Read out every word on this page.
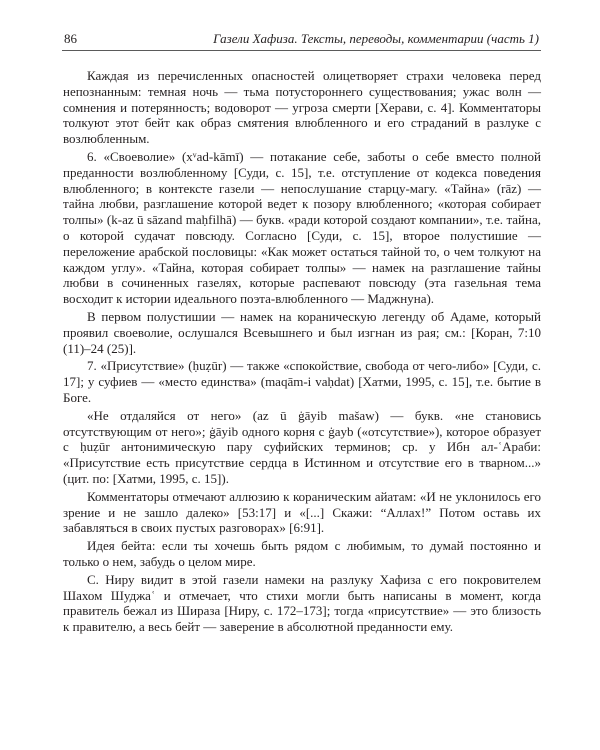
86	Газели Хафиза. Тексты, переводы, комментарии (часть 1)

Каждая из перечисленных опасностей олицетворяет страхи человека перед непознанным: темная ночь — тьма потустороннего существования; ужас волн — сомнения и потерянность; водоворот — угроза смерти [Херави, с. 4]. Комментаторы толкуют этот бейт как образ смятения влюбленного и его страданий в разлуке с возлюбленным.

6. «Своеволие» (xᵛad-kāmī) — потакание себе, заботы о себе вместо полной преданности возлюбленному [Суди, с. 15], т.е. отступление от кодекса поведения влюбленного; в контексте газели — непослушание старцу-магу. «Тайна» (rāz) — тайна любви, разглашение которой ведет к позору влюбленного; «которая собирает толпы» (k-az ū sāzand maḥfilhā) — букв. «ради которой создают компании», т.е. тайна, о которой судачат повсюду. Согласно [Суди, с. 15], второе полустишие — переложение арабской пословицы: «Как может остаться тайной то, о чем толкуют на каждом углу». «Тайна, которая собирает толпы» — намек на разглашение тайны любви в сочиненных газелях, которые распевают повсюду (эта газельная тема восходит к истории идеального поэта-влюбленного — Маджнуна).

В первом полустишии — намек на кораническую легенду об Адаме, который проявил своеволие, ослушался Всевышнего и был изгнан из рая; см.: [Коран, 7:10 (11)–24 (25)].

7. «Присутствие» (ḥuẓūr) — также «спокойствие, свобода от чего-либо» [Суди, с. 17]; у суфиев — «место единства» (maqām-i vaḥdat) [Хатми, 1995, с. 15], т.е. бытие в Боге.

«Не отдаляйся от него» (az ū ġāyib mašaw) — букв. «не становись отсутствующим от него»; ġāyib одного корня с ġayb («отсутствие»), которое образует с ḥuẓūr антонимическую пару суфийских терминов; ср. у Ибн ал-ʿАраби: «Присутствие есть присутствие сердца в Истинном и отсутствие его в тварном...» (цит. по: [Хатми, 1995, с. 15]).

Комментаторы отмечают аллюзию к кораническим айатам: «И не уклонилось его зрение и не зашло далеко» [53:17] и «[...] Скажи: “Аллах!” Потом оставь их забавляться в своих пустых разговорах» [6:91].

Идея бейта: если ты хочешь быть рядом с любимым, то думай постоянно и только о нем, забудь о целом мире.

С. Ниру видит в этой газели намеки на разлуку Хафиза с его покровителем Шахом Шуджаʿ и отмечает, что стихи могли быть написаны в момент, когда правитель бежал из Шираза [Ниру, с. 172–173]; тогда «присутствие» — это близость к правителю, а весь бейт — заверение в абсолютной преданности ему.
